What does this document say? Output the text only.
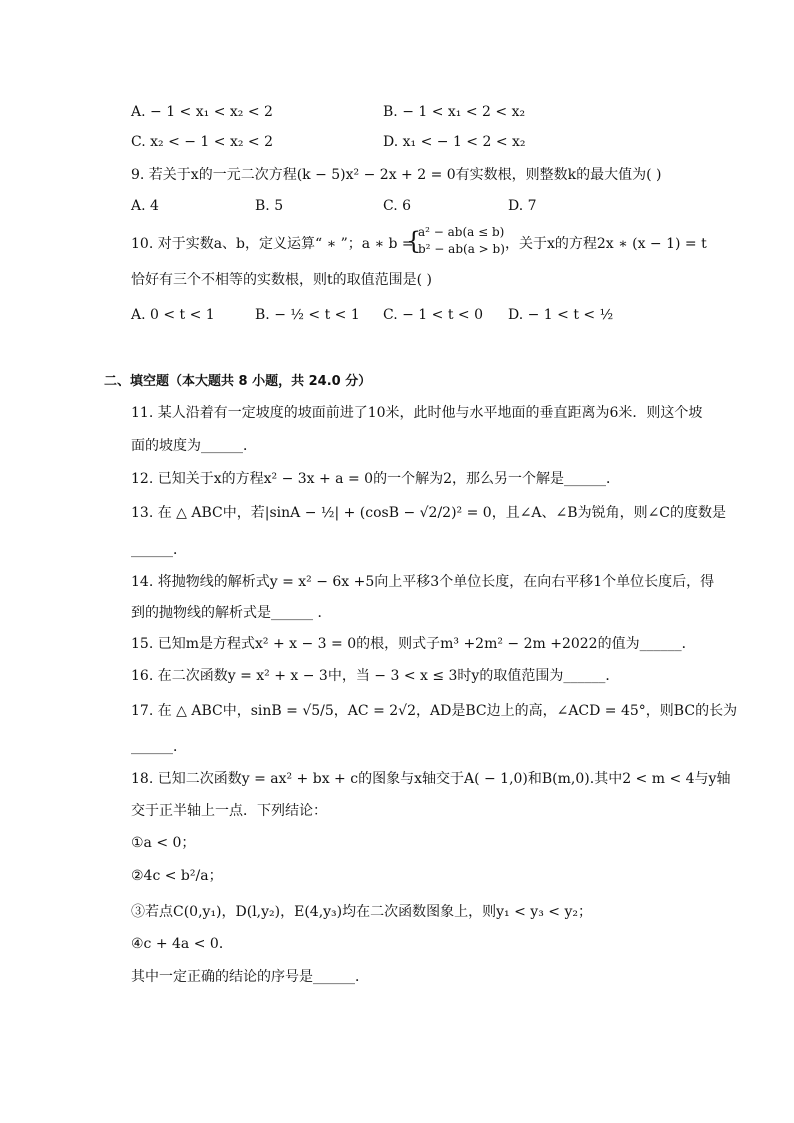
A. − 1 < x₁ < x₂ < 2	B. − 1 < x₁ < 2 < x₂
C. x₂ < − 1 < x₂ < 2	D. x₁ < − 1 < 2 < x₂
9. 若关于x的一元二次方程(k − 5)x² − 2x + 2 = 0有实数根，则整数k的最大值为( )
A. 4	B. 5	C. 6	D. 7
10. 对于实数a、b，定义运算“ ∗ ”；a ∗ b =
{
a² − ab(a ≤ b)
b² − ab(a > b) ，关于x的方程2x ∗ (x − 1) = t
恰好有三个不相等的实数根，则t的取值范围是( )
A. 0 < t < 1	B. − ½ < t < 1 C. − 1 < t < 0 D. − 1 < t < ½
二、填空题（本大题共 8 小题，共 24.0 分）
11. 某人沿着有一定坡度的坡面前进了10米，此时他与水平地面的垂直距离为6米．则这个坡
面的坡度为______．
12. 已知关于x的方程x² − 3x + a = 0的一个解为2，那么另一个解是______．
13. 在 △ ABC中，若|sinA − ½| + (cosB − √2/2)² = 0，且∠A、∠B为锐角，则∠C的度数是
______．
14. 将抛物线的解析式y = x² − 6x +5向上平移3个单位长度，在向右平移1个单位长度后，得
到的抛物线的解析式是______ ．
15. 已知m是方程式x² + x − 3 = 0的根，则式子m³ +2m² − 2m +2022的值为______．
16. 在二次函数y = x² + x − 3中，当 − 3 < x ≤ 3时y的取值范围为______．
17. 在 △ ABC中，sinB = √5/5，AC = 2√2，AD是BC边上的高，∠ACD = 45°，则BC的长为
______．
18. 已知二次函数y = ax² + bx + c的图象与x轴交于A( − 1,0)和B(m,0).其中2 < m < 4与y轴
交于正半轴上一点．下列结论：
①a < 0；
②4c < b²/a；
③若点C(0,y₁)，D(l,y₂)，E(4,y₃)均在二次函数图象上，则y₁ < y₃ < y₂；
④c + 4a < 0．
其中一定正确的结论的序号是______．
